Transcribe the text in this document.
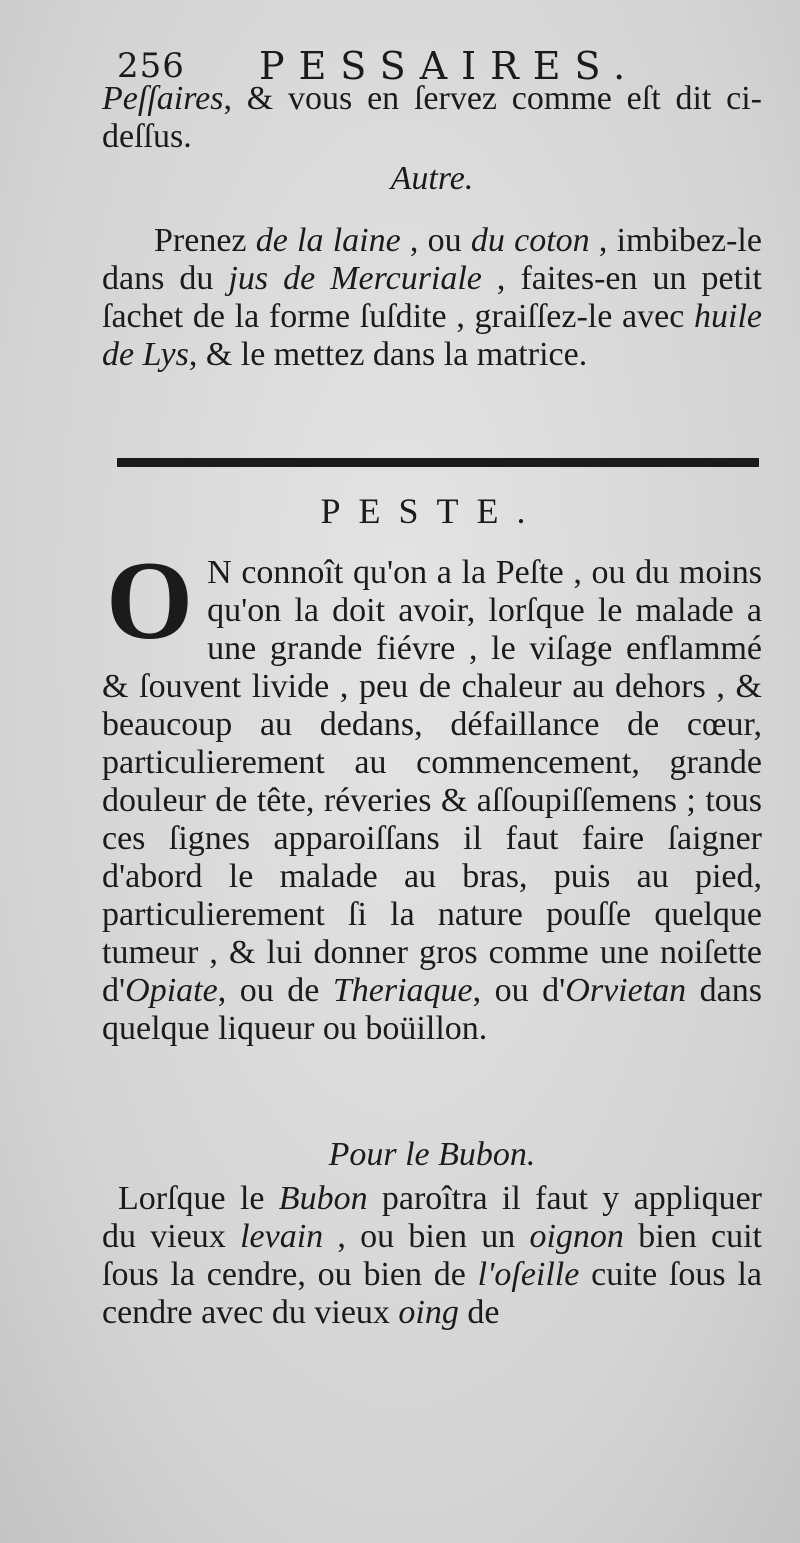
256 PESSAIRES.

Peſſaires, & vous en ſervez comme eſt dit ci-deſſus.

Autre.

Prenez de la laine , ou du coton , imbibez-le dans du jus de Mercuriale , faites-en un petit ſachet de la forme ſuſdite , graiſſez-le avec huile de Lys, & le mettez dans la matrice.

PESTE.
O N connoît qu'on a la Peſte , ou du moins qu'on la doit avoir, lorſque le malade a une grande fiévre , le viſage enflammé & ſouvent livide , peu de chaleur au dehors , & beaucoup au dedans, défaillance de cœur, particulierement au commencement, grande douleur de tête, réveries & aſſoupiſſemens ; tous ces ſignes apparoiſſans il faut faire ſaigner d'abord le malade au bras, puis au pied, particulierement ſi la nature pouſſe quelque tumeur , & lui donner gros comme une noiſette d'Opiate, ou de Theriaque, ou d'Orvietan dans quelque liqueur ou boüillon.

Pour le Bubon.

Lorſque le Bubon paroîtra il faut y appliquer du vieux levain , ou bien un oignon bien cuit ſous la cendre, ou bien de l'oſeille cuite ſous la cendre avec du vieux oing de
